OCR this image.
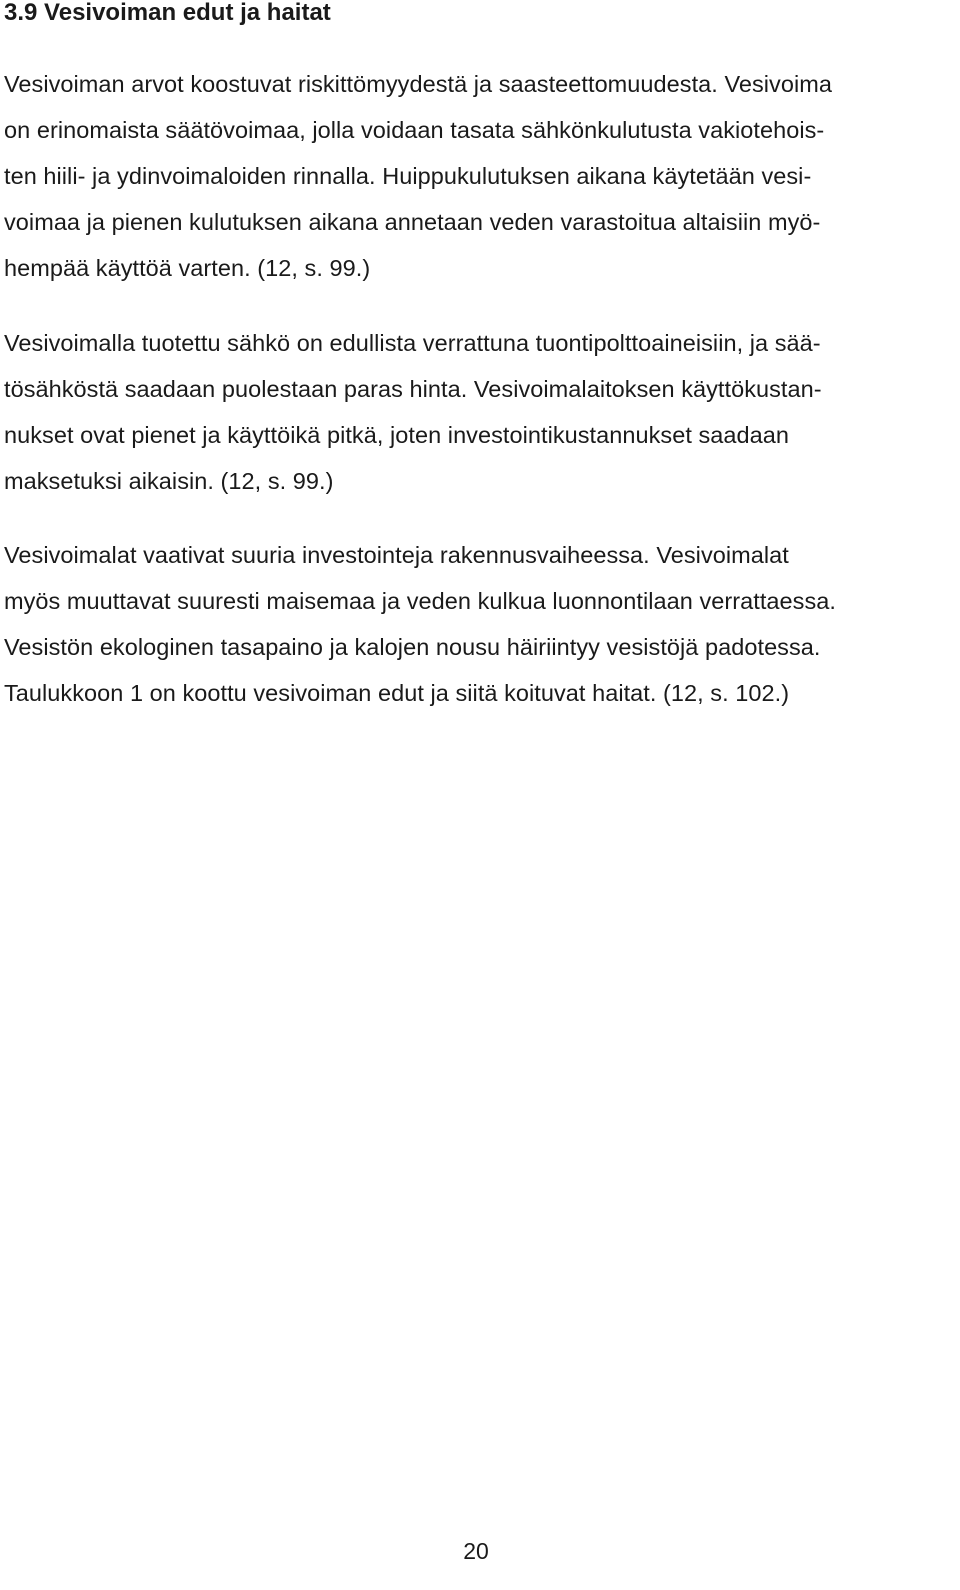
3.9 Vesivoiman edut ja haitat

Vesivoiman arvot koostuvat riskittömyydestä ja saasteettomuudesta. Vesivoima
on erinomaista säätövoimaa, jolla voidaan tasata sähkönkulutusta vakiotehois-
ten hiili- ja ydinvoimaloiden rinnalla. Huippukulutuksen aikana käytetään vesi-
voimaa ja pienen kulutuksen aikana annetaan veden varastoitua altaisiin myö-
hempää käyttöä varten. (12, s. 99.)

Vesivoimalla tuotettu sähkö on edullista verrattuna tuontipolttoaineisiin, ja sää-
tösähköstä saadaan puolestaan paras hinta. Vesivoimalaitoksen käyttökustan-
nukset ovat pienet ja käyttöikä pitkä, joten investointikustannukset saadaan
maksetuksi aikaisin. (12, s. 99.)

Vesivoimalat vaativat suuria investointeja rakennusvaiheessa. Vesivoimalat
myös muuttavat suuresti maisemaa ja veden kulkua luonnontilaan verrattaessa.
Vesistön ekologinen tasapaino ja kalojen nousu häiriintyy vesistöjä padotessa.
Taulukkoon 1 on koottu vesivoiman edut ja siitä koituvat haitat. (12, s. 102.)

20
